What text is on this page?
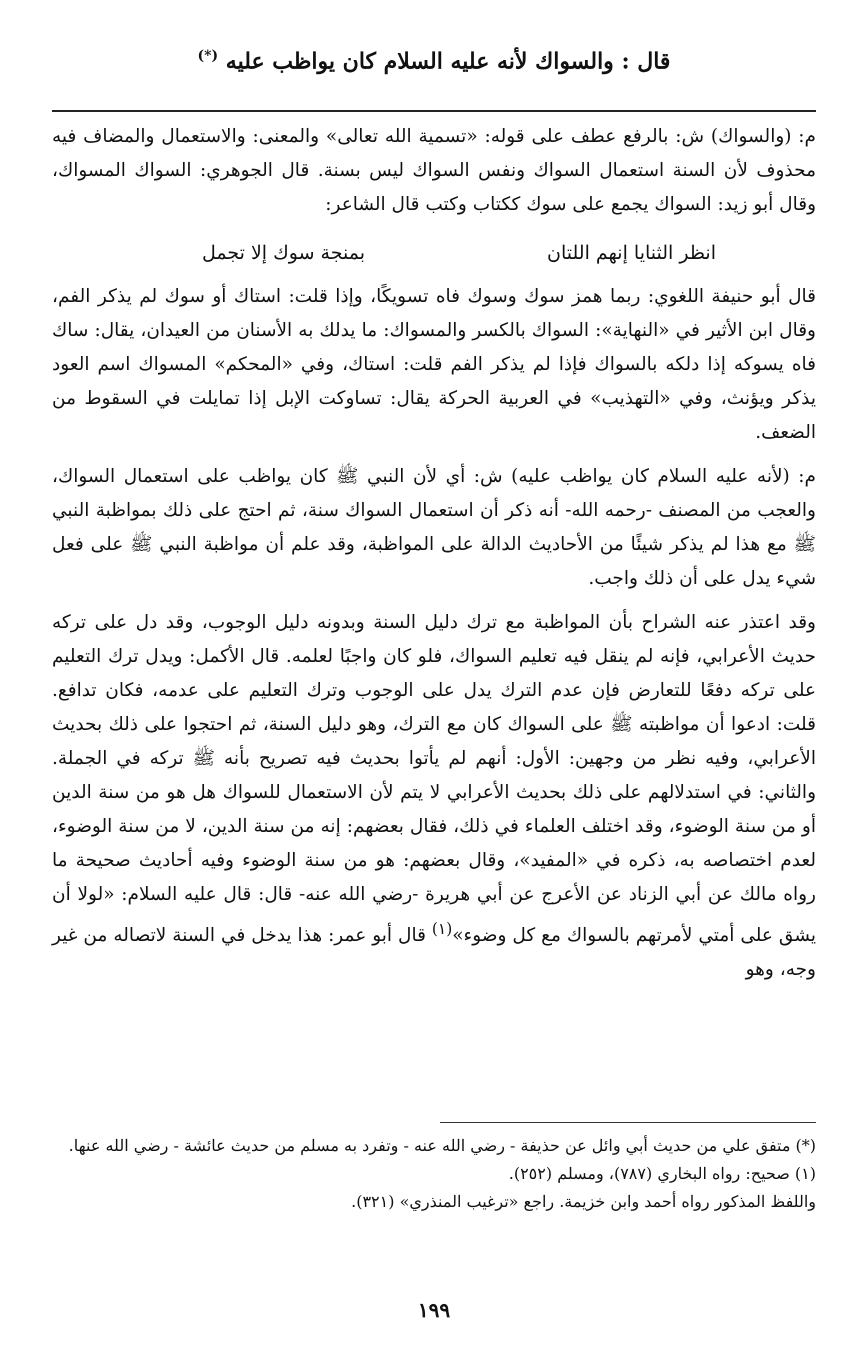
قال : والسواك لأنه عليه السلام كان يواظب عليه (*)

م: (والسواك) ش: بالرفع عطف على قوله: «تسمية الله تعالى» والمعنى: والاستعمال والمضاف فيه محذوف لأن السنة استعمال السواك ونفس السواك ليس بسنة. قال الجوهري: السواك المسواك، وقال أبو زيد: السواك يجمع على سوك ككتاب وكتب قال الشاعر:

انظر الثنايا إنهم اللتان
بمنجة سوك إلا تجمل

قال أبو حنيفة اللغوي: ربما همز سوك وسوك فاه تسويكًا، وإذا قلت: استاك أو سوك لم يذكر الفم، وقال ابن الأثير في «النهاية»: السواك بالكسر والمسواك: ما يدلك به الأسنان من العيدان، يقال: ساك فاه يسوكه إذا دلكه بالسواك فإذا لم يذكر الفم قلت: استاك، وفي «المحكم» المسواك اسم العود يذكر ويؤنث، وفي «التهذيب» في العربية الحركة يقال: تساوكت الإبل إذا تمايلت في السقوط من الضعف.

م: (لأنه عليه السلام كان يواظب عليه) ش: أي لأن النبي ﷺ كان يواظب على استعمال السواك، والعجب من المصنف -رحمه الله- أنه ذكر أن استعمال السواك سنة، ثم احتج على ذلك بمواظبة النبي ﷺ مع هذا لم يذكر شيئًا من الأحاديث الدالة على المواظبة، وقد علم أن مواظبة النبي ﷺ على فعل شيء يدل على أن ذلك واجب.

وقد اعتذر عنه الشراح بأن المواظبة مع ترك دليل السنة وبدونه دليل الوجوب، وقد دل على تركه حديث الأعرابي، فإنه لم ينقل فيه تعليم السواك، فلو كان واجبًا لعلمه. قال الأكمل: ويدل ترك التعليم على تركه دفعًا للتعارض فإن عدم الترك يدل على الوجوب وترك التعليم على عدمه، فكان تدافع. قلت: ادعوا أن مواظبته ﷺ على السواك كان مع الترك، وهو دليل السنة، ثم احتجوا على ذلك بحديث الأعرابي، وفيه نظر من وجهين: الأول: أنهم لم يأتوا بحديث فيه تصريح بأنه ﷺ تركه في الجملة. والثاني: في استدلالهم على ذلك بحديث الأعرابي لا يتم لأن الاستعمال للسواك هل هو من سنة الدين أو من سنة الوضوء، وقد اختلف العلماء في ذلك، فقال بعضهم: إنه من سنة الدين، لا من سنة الوضوء، لعدم اختصاصه به، ذكره في «المفيد»، وقال بعضهم: هو من سنة الوضوء وفيه أحاديث صحيحة ما رواه مالك عن أبي الزناد عن الأعرج عن أبي هريرة -رضي الله عنه- قال: قال عليه السلام: «لولا أن يشق على أمتي لأمرتهم بالسواك مع كل وضوء»$^{(١)}$ قال أبو عمر: هذا يدخل في السنة لاتصاله من غير وجه، وهو

(*) متفق علي من حديث أبي وائل عن حذيفة - رضي الله عنه - وتفرد به مسلم من حديث عائشة - رضي الله عنها.

(١) صحيح: رواه البخاري (٧٨٧)، ومسلم (٢٥٢).

واللفظ المذكور رواه أحمد وابن خزيمة. راجع «ترغيب المنذري» (٣٢١).

١٩٩
